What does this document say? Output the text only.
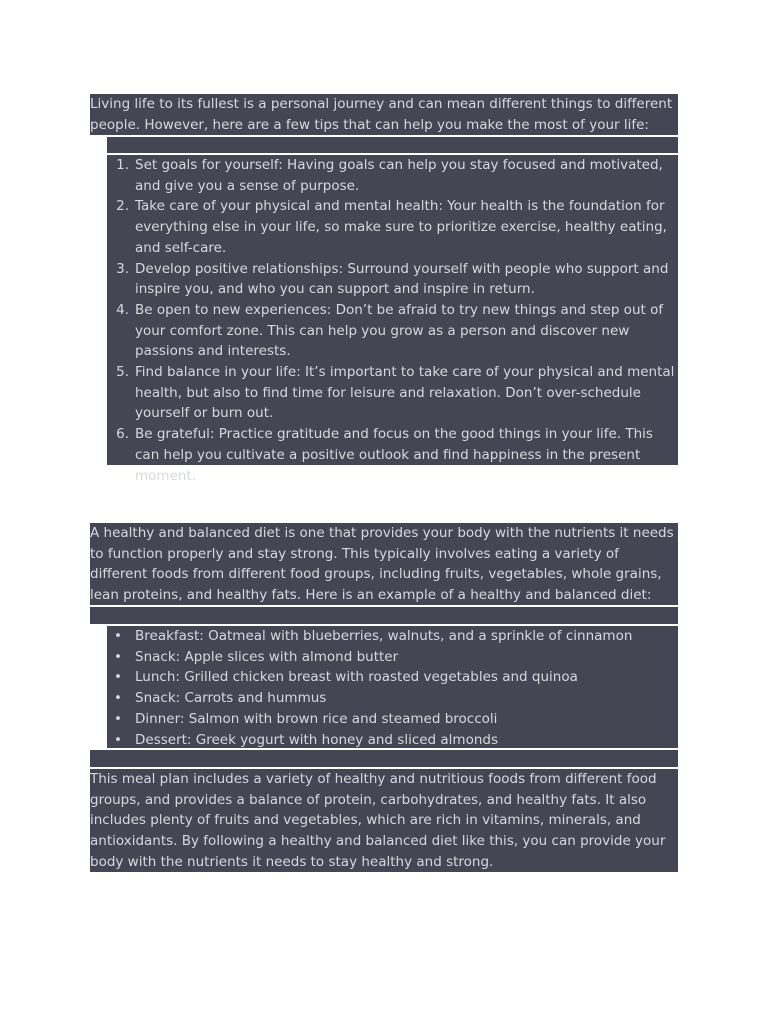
Living life to its fullest is a personal journey and can mean different things to different people. However, here are a few tips that can help you make the most of your life:

1. Set goals for yourself: Having goals can help you stay focused and motivated, and give you a sense of purpose.
2. Take care of your physical and mental health: Your health is the foundation for everything else in your life, so make sure to prioritize exercise, healthy eating, and self-care.
3. Develop positive relationships: Surround yourself with people who support and inspire you, and who you can support and inspire in return.
4. Be open to new experiences: Don’t be afraid to try new things and step out of your comfort zone. This can help you grow as a person and discover new passions and interests.
5. Find balance in your life: It’s important to take care of your physical and mental health, but also to find time for leisure and relaxation. Don’t over-schedule yourself or burn out.
6. Be grateful: Practice gratitude and focus on the good things in your life. This can help you cultivate a positive outlook and find happiness in the present moment.

A healthy and balanced diet is one that provides your body with the nutrients it needs to function properly and stay strong. This typically involves eating a variety of different foods from different food groups, including fruits, vegetables, whole grains, lean proteins, and healthy fats. Here is an example of a healthy and balanced diet:

• Breakfast: Oatmeal with blueberries, walnuts, and a sprinkle of cinnamon
• Snack: Apple slices with almond butter
• Lunch: Grilled chicken breast with roasted vegetables and quinoa
• Snack: Carrots and hummus
• Dinner: Salmon with brown rice and steamed broccoli
• Dessert: Greek yogurt with honey and sliced almonds

This meal plan includes a variety of healthy and nutritious foods from different food groups, and provides a balance of protein, carbohydrates, and healthy fats. It also includes plenty of fruits and vegetables, which are rich in vitamins, minerals, and antioxidants. By following a healthy and balanced diet like this, you can provide your body with the nutrients it needs to stay healthy and strong.
